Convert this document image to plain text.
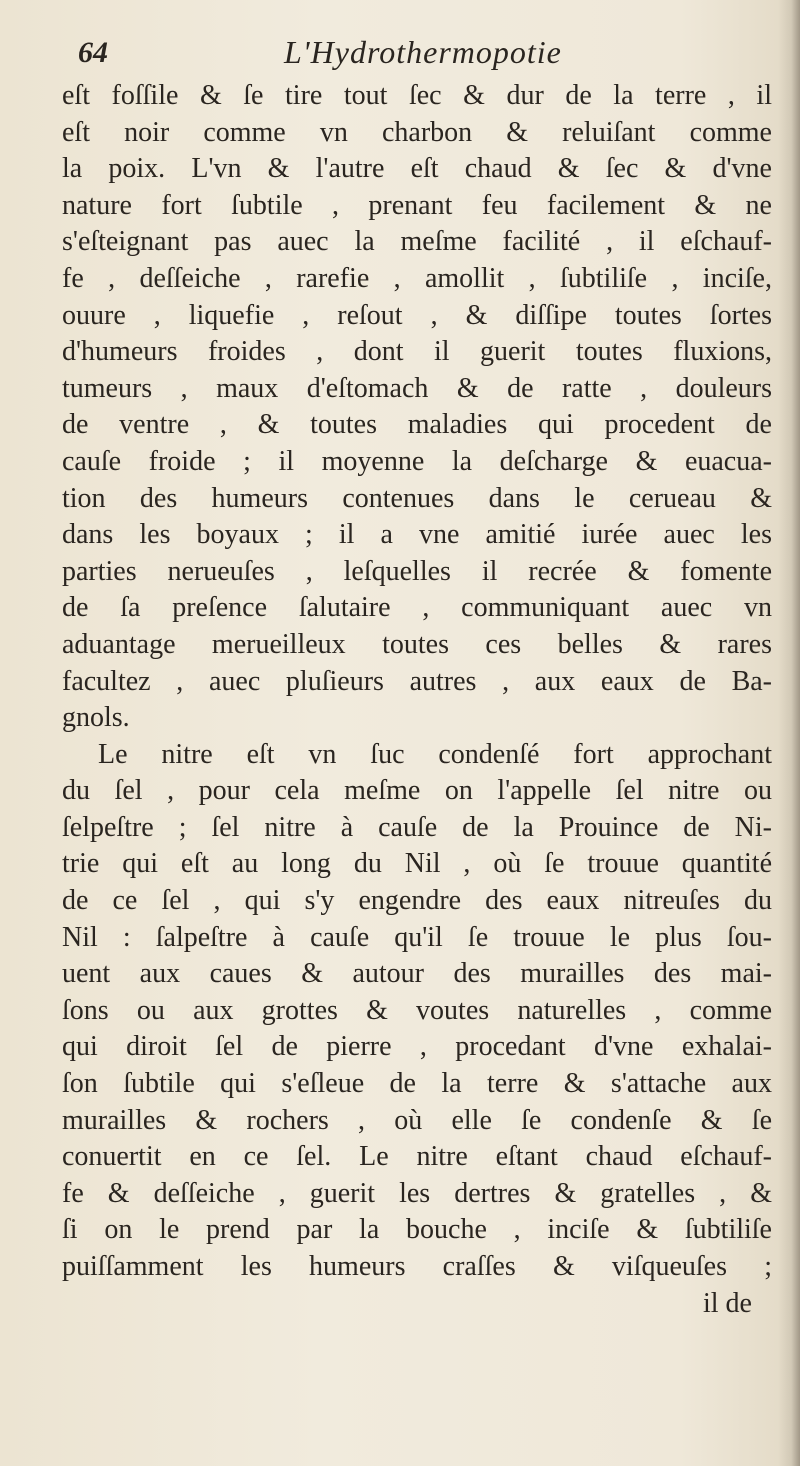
64	L'Hydrothermopotie
eſt foſſile & ſe tire tout ſec & dur de la terre , il
eſt noir comme vn charbon & reluiſant comme
la poix. L'vn & l'autre eſt chaud & ſec & d'vne
nature fort ſubtile , prenant feu facilement & ne
s'eſteignant pas auec la meſme facilité , il eſchauf-
fe , deſſeiche , rarefie , amollit , ſubtiliſe , inciſe,
ouure , liquefie , reſout , & diſſipe toutes ſortes
d'humeurs froides , dont il guerit toutes fluxions,
tumeurs , maux d'eſtomach & de ratte , douleurs
de ventre , & toutes maladies qui procedent de
cauſe froide ; il moyenne la deſcharge & euacua-
tion des humeurs contenues dans le cerueau &
dans les boyaux ; il a vne amitié iurée auec les
parties nerueuſes , leſquelles il recrée & fomente
de ſa preſence ſalutaire , communiquant auec vn
aduantage merueilleux toutes ces belles & rares
facultez , auec pluſieurs autres , aux eaux de Ba-
gnols.
Le nitre eſt vn ſuc condenſé fort approchant
du ſel , pour cela meſme on l'appelle ſel nitre ou
ſelpeſtre ; ſel nitre à cauſe de la Prouince de Ni-
trie qui eſt au long du Nil , où ſe trouue quantité
de ce ſel , qui s'y engendre des eaux nitreuſes du
Nil : ſalpeſtre à cauſe qu'il ſe trouue le plus ſou-
uent aux caues & autour des murailles des mai-
ſons ou aux grottes & voutes naturelles , comme
qui diroit ſel de pierre , procedant d'vne exhalai-
ſon ſubtile qui s'eſleue de la terre & s'attache aux
murailles & rochers , où elle ſe condenſe & ſe
conuertit en ce ſel. Le nitre eſtant chaud eſchauf-
fe & deſſeiche , guerit les dertres & gratelles , &
ſi on le prend par la bouche , inciſe & ſubtiliſe
puiſſamment les humeurs craſſes & viſqueuſes ;
il de
